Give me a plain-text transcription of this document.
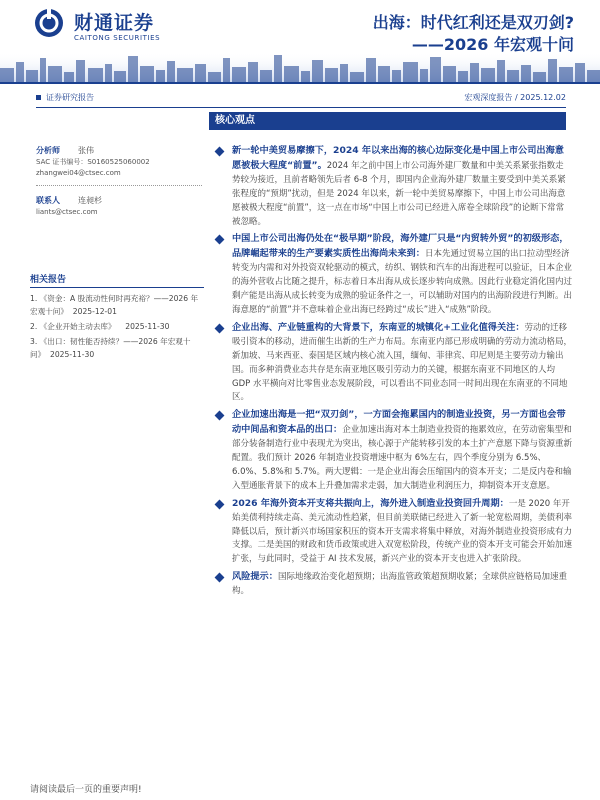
财通证券
CAITONG SECURITIES
出海：时代红利还是双刃剑?
——2026 年宏观十问
证券研究报告	宏观深度报告 / 2025.12.02
核心观点
分析师 张伟
SAC 证书编号：S0160525060002
zhangwei04@ctsec.com
联系人 连昶杉
liants@ctsec.com
相关报告
1. 《资金：A 股流动性何时再充裕？——2026 年宏观十问》 2025-12-01
2. 《企业开始主动去库》 2025-11-30
3. 《出口：韧性能否持续？——2026 年宏观十问》 2025-11-30
新一轮中美贸易摩擦下，2024 年以来出海的核心边际变化是中国上市公司出海意愿被极大程度“前置”。2024 年之前中国上市公司海外建厂数量和中美关系紧张指数走势较为接近，且前者略领先后者 6-8 个月，即国内企业海外建厂数量主要受到中美关系紧张程度的“预期”扰动，但是 2024 年以来，新一轮中美贸易摩擦下，中国上市公司出海意愿被极大程度“前置”，这一点在市场“中国上市公司已经进入席卷全球阶段”的论断下常常被忽略。
中国上市公司出海仍处在“极早期”阶段，海外建厂只是“内贸转外贸”的初级形态，品牌崛起带来的生产要素实质性出海尚未来到：日本先通过贸易立国的出口拉动型经济转变为内需和对外投资双轮驱动的模式，纺织、钢铁和汽车的出海进程可以验证，日本企业的海外营收占比随之提升，标志着日本出海从成长逐步转向成熟。因此行业稳定消化国内过剩产能是出海从成长转变为成熟的验证条件之一，可以辅助对国内的出海阶段进行判断。出海意愿的“前置”并不意味着企业出海已经跨过“成长”进入“成熟”阶段。
企业出海、产业链重构的大背景下，东南亚的城镇化+工业化值得关注：劳动的迁移吸引资本的移动，进而催生出新的生产力布局。东南亚内部已形成明确的劳动力流动格局，新加坡、马来西亚、泰国是区域内核心流入国，缅甸、菲律宾、印尼则是主要劳动力输出国。而多种消费业态共存是东南亚地区吸引劳动力的关键，根据东南亚不同地区的人均 GDP 水平横向对比零售业态发展阶段，可以看出不同业态同一时间出现在东南亚的不同地区。
企业加速出海是一把“双刃剑”，一方面会拖累国内的制造业投资，另一方面也会带动中间品和资本品的出口：企业加速出海对本土制造业投资的拖累效应，在劳动密集型和部分装备制造行业中表现尤为突出，核心源于产能转移引发的本土扩产意愿下降与资源重新配置。我们预计 2026 年制造业投资增速中枢为 6%左右，四个季度分别为 6.5%、6.0%、5.8%和 5.7%。两大逻辑：一是企业出海会压缩国内的资本开支；二是反内卷和输入型通胀背景下的成本上升叠加需求走弱，加大制造业利润压力，抑制资本开支意愿。
2026 年海外资本开支将共振向上，海外进入制造业投资回升周期：一是 2020 年开始美债利持续走高、美元流动性趋紧，但目前美联储已经进入了新一轮宽松周期，美债利率降低以后，预计新兴市场国家积压的资本开支需求将集中释放，对海外制造业投资形成有力支撑。二是美国的财政和货币政策或进入双宽松阶段，传统产业的资本开支可能会开始加速扩张，与此同时，受益于 AI 技术发展，新兴产业的资本开支也进入扩张阶段。
风险提示：国际地缘政治变化超预期；出海监管政策超预期收紧；全球供应链格局加速重构。
请阅读最后一页的重要声明!
